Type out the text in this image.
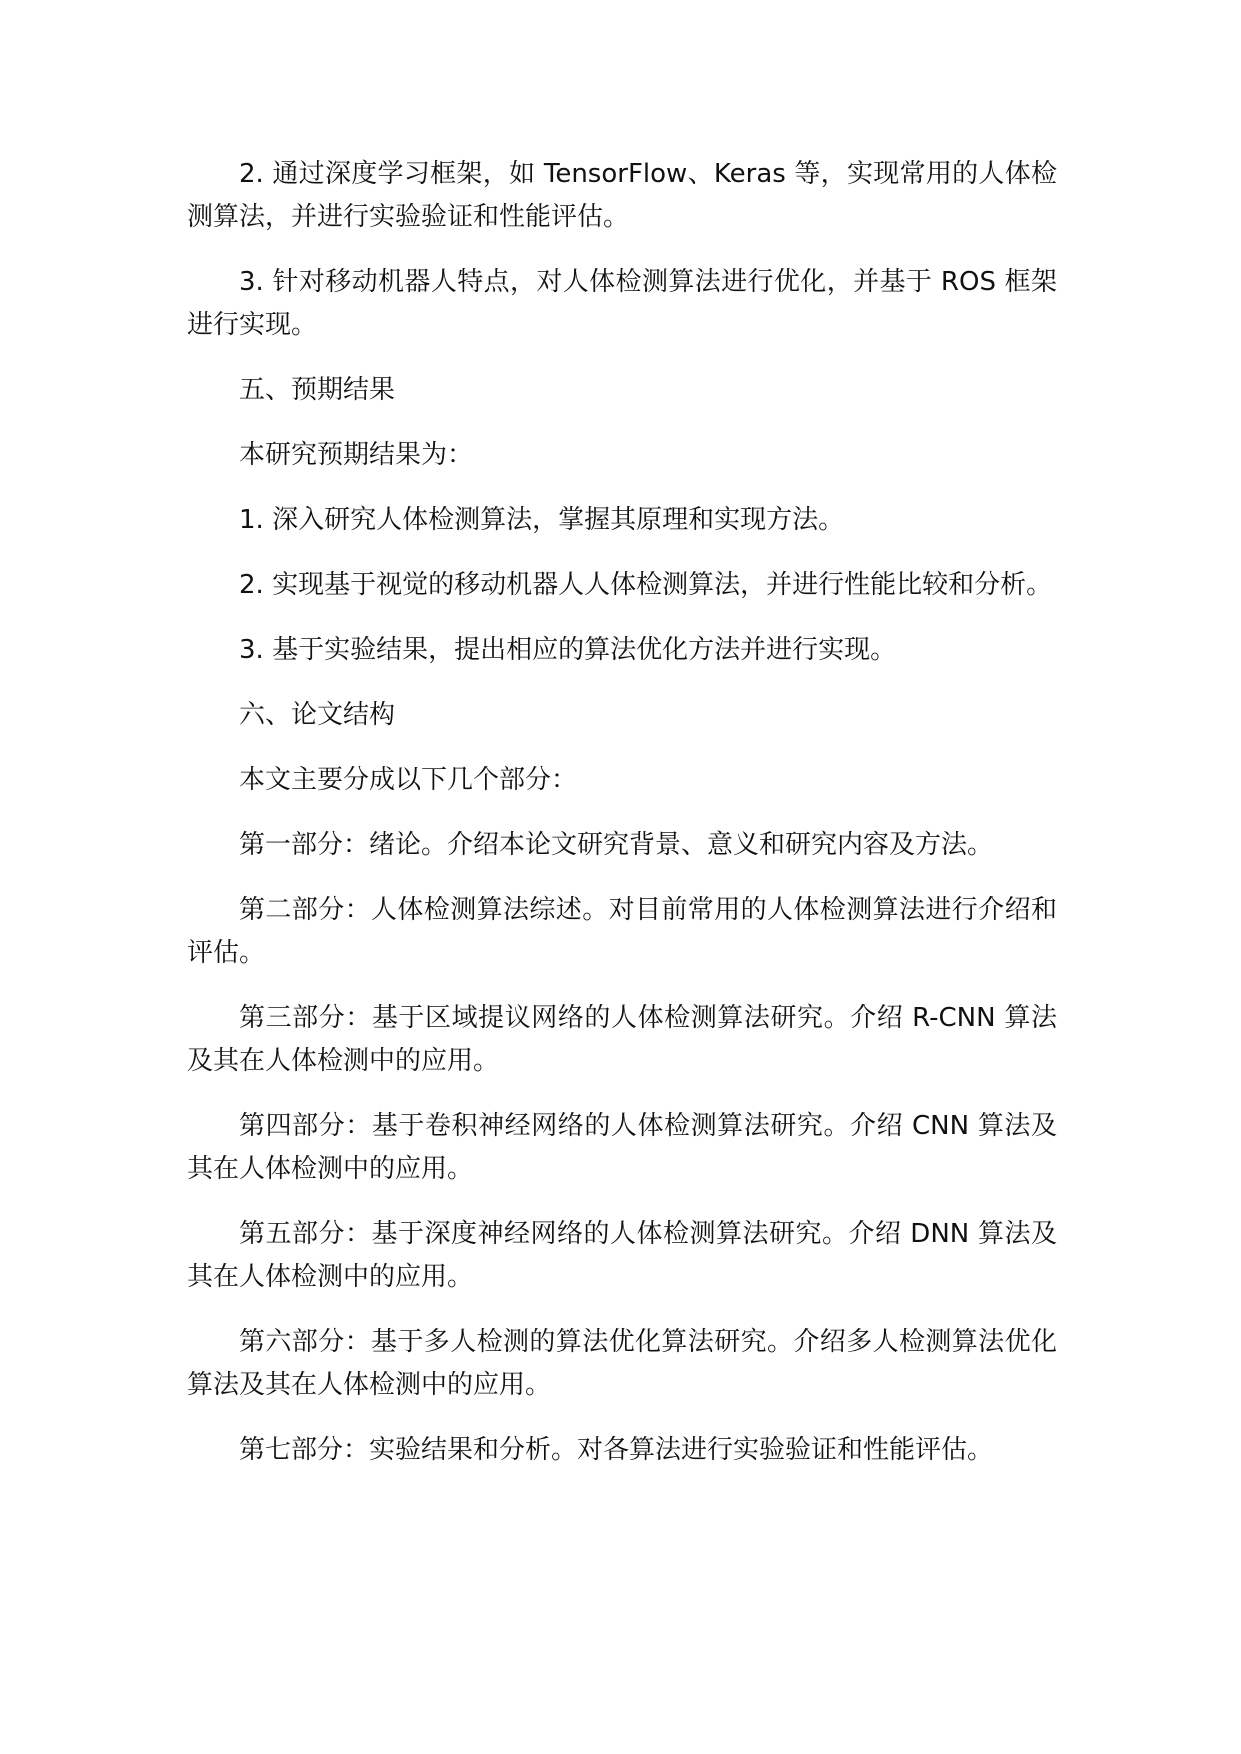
2. 通过深度学习框架，如 TensorFlow、Keras 等，实现常用的人体检测算法，并进行实验验证和性能评估。

3. 针对移动机器人特点，对人体检测算法进行优化，并基于 ROS 框架进行实现。

五、预期结果

本研究预期结果为：

1. 深入研究人体检测算法，掌握其原理和实现方法。

2. 实现基于视觉的移动机器人人体检测算法，并进行性能比较和分析。

3. 基于实验结果，提出相应的算法优化方法并进行实现。

六、论文结构

本文主要分成以下几个部分：

第一部分：绪论。介绍本论文研究背景、意义和研究内容及方法。

第二部分：人体检测算法综述。对目前常用的人体检测算法进行介绍和评估。

第三部分：基于区域提议网络的人体检测算法研究。介绍 R-CNN 算法及其在人体检测中的应用。

第四部分：基于卷积神经网络的人体检测算法研究。介绍 CNN 算法及其在人体检测中的应用。

第五部分：基于深度神经网络的人体检测算法研究。介绍 DNN 算法及其在人体检测中的应用。

第六部分：基于多人检测的算法优化算法研究。介绍多人检测算法优化算法及其在人体检测中的应用。

第七部分：实验结果和分析。对各算法进行实验验证和性能评估。
